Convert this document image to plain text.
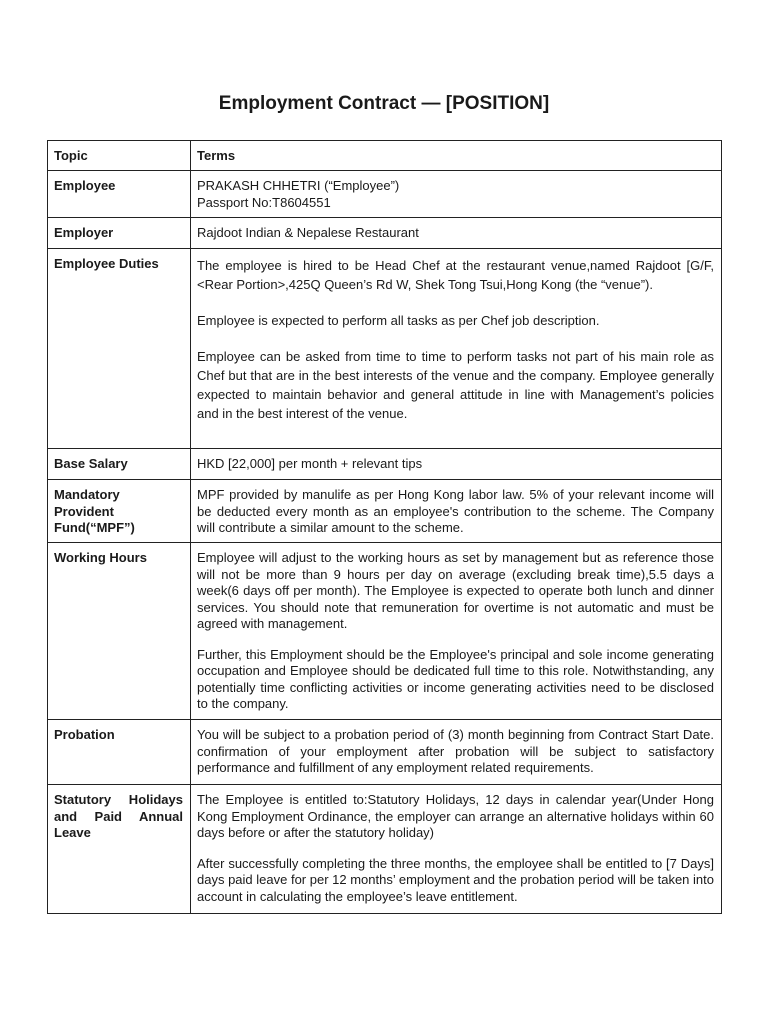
Employment Contract — [POSITION]
Topic	Terms
Employee	PRAKASH CHHETRI (“Employee”)
Passport No:T8604551

Employer	Rajdoot Indian & Nepalese Restaurant

Employee Duties	The employee is hired to be Head Chef at the restaurant venue,named Rajdoot [G/F,<Rear Portion>,425Q Queen’s Rd W, Shek Tong Tsui,Hong Kong (the “venue”).
Employee is expected to perform all tasks as per Chef job description.
Employee can be asked from time to time to perform tasks not part of his main role as Chef but that are in the best interests of the venue and the company. Employee generally expected to maintain behavior and general attitude in line with Management’s policies and in the best interest of the venue.

Base Salary	HKD [22,000] per month + relevant tips

Mandatory Provident Fund(“MPF”)	MPF provided by manulife as per Hong Kong labor law. 5% of your relevant income will be deducted every month as an employee's contribution to the scheme. The Company will contribute a similar amount to the scheme.

Working Hours	Employee will adjust to the working hours as set by management but as reference those will not be more than 9 hours per day on average (excluding break time),5.5 days a week(6 days off per month). The Employee is expected to operate both lunch and dinner services. You should note that remuneration for overtime is not automatic and must be agreed with management.
Further, this Employment should be the Employee's principal and sole income generating occupation and Employee should be dedicated full time to this role. Notwithstanding, any potentially time conflicting activities or income generating activities need to be disclosed to the company.

Probation	You will be subject to a probation period of (3) month beginning from Contract Start Date. confirmation of your employment after probation will be subject to satisfactory performance and fulfillment of any employment related requirements.

Statutory Holidays and Paid Annual Leave	The Employee is entitled to:Statutory Holidays, 12 days in calendar year(Under Hong Kong Employment Ordinance, the employer can arrange an alternative holidays within 60 days before or after the statutory holiday)
After successfully completing the three months, the employee shall be entitled to [7 Days] days paid leave for per 12 months’ employment and the probation period will be taken into account in calculating the employee’s leave entitlement.
